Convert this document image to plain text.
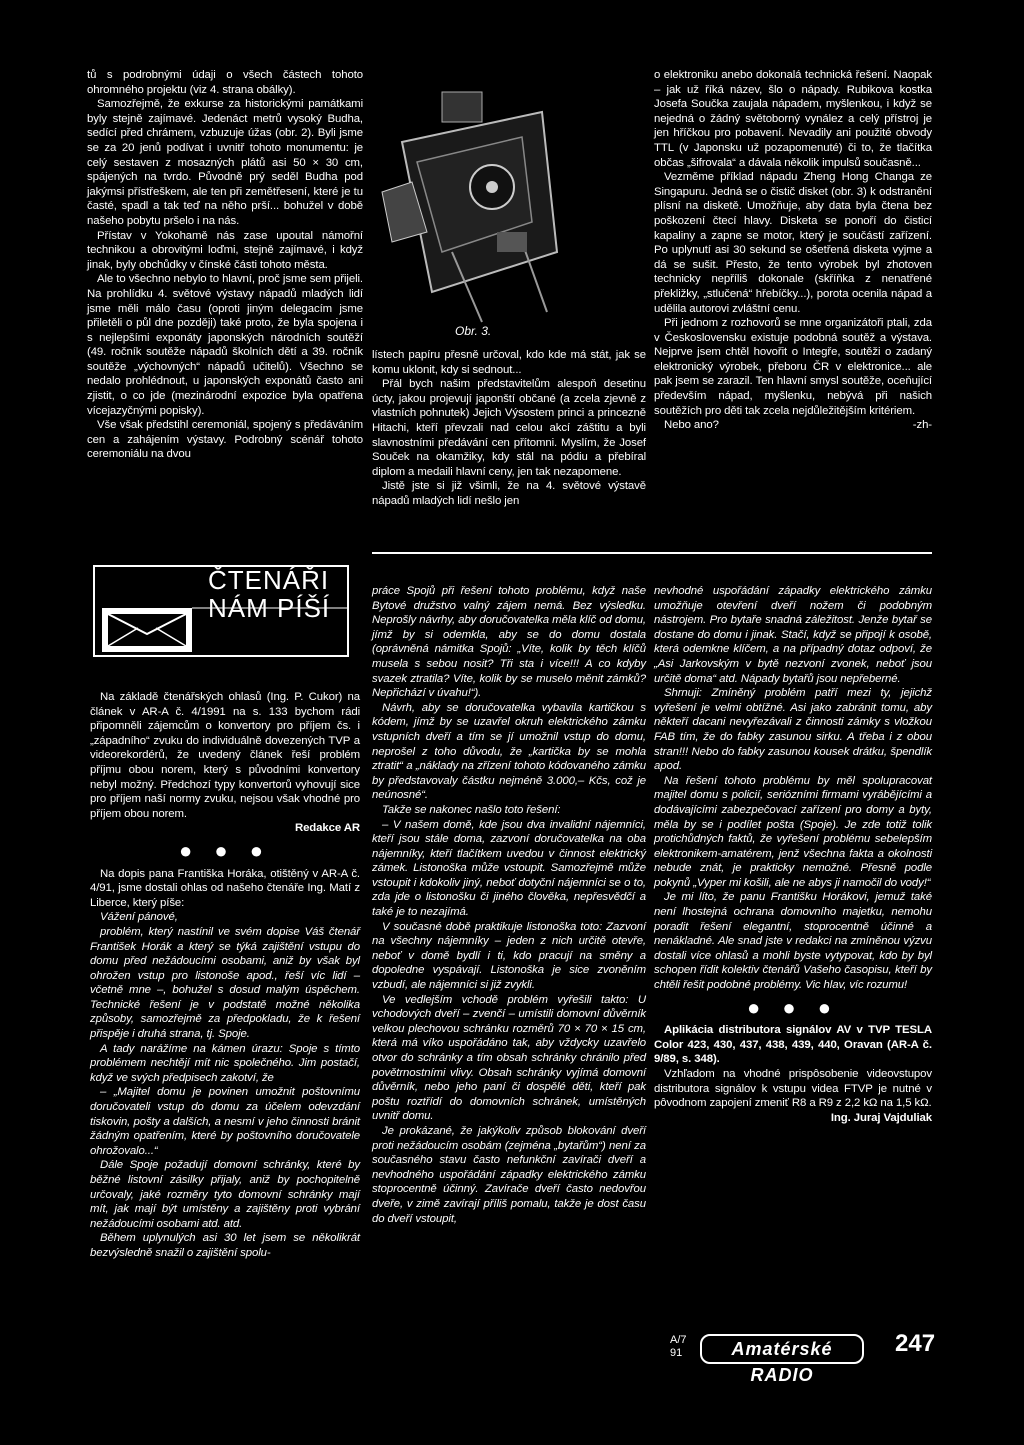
tů s podrobnými údaji o všech částech tohoto ohromného projektu (viz 4. strana obálky).

Samozřejmě, že exkurse za historickými památkami byly stejně zajímavé. Jedenáct metrů vysoký Budha, sedící před chrámem, vzbuzuje úžas (obr. 2). Byli jsme se za 20 jenů podívat i uvnitř tohoto monumentu: je celý sestaven z mosazných plátů asi 50 × 30 cm, spájených na tvrdo. Původně prý seděl Budha pod jakýmsi přístřeškem, ale ten při zemětřesení, které je tu časté, spadl a tak teď na něho prší... bohužel v době našeho pobytu pršelo i na nás.

Přístav v Yokohamě nás zase upoutal námořní technikou a obrovitými loďmi, stejně zajímavé, i když jinak, byly obchůdky v čínské části tohoto města.

Ale to všechno nebylo to hlavní, proč jsme sem přijeli. Na prohlídku 4. světové výstavy nápadů mladých lidí jsme měli málo času (oproti jiným delegacím jsme přiletěli o půl dne později) také proto, že byla spojena i s nejlepšími exponáty japonských národních soutěží (49. ročník soutěže nápadů školních dětí a 39. ročník soutěže „výchovných“ nápadů učitelů). Všechno se nedalo prohlédnout, u japonských exponátů často ani zjistit, o co jde (mezinárodní expozice byla opatřena vícejazyčnými popisky).

Vše však předstihl ceremoniál, spojený s předáváním cen a zahájením výstavy. Podrobný scénář tohoto ceremoniálu na dvou

Obr. 3.

lístech papíru přesně určoval, kdo kde má stát, jak se komu uklonit, kdy si sednout...

Přál bych našim představitelům alespoň desetinu úcty, jakou projevují japonští občané (a zcela zjevně z vlastních pohnutek) Jejich Výsostem princi a princezně Hitachi, kteří převzali nad celou akcí záštitu a byli slavnostními předávání cen přítomni. Myslím, že Josef Souček na okamžiky, kdy stál na pódiu a přebíral diplom a medaili hlavní ceny, jen tak nezapomene.

Jistě jste si již všimli, že na 4. světové výstavě nápadů mladých lidí nešlo jen

o elektroniku anebo dokonalá technická řešení. Naopak – jak už říká název, šlo o nápady. Rubikova kostka Josefa Součka zaujala nápadem, myšlenkou, i když se nejedná o žádný světoborný vynález a celý přístroj je jen hříčkou pro pobavení. Nevadily ani použité obvody TTL (v Japonsku už pozapomenuté) či to, že tlačítka občas „šifrovala“ a dávala několik impulsů současně...

Vezměme příklad nápadu Zheng Hong Changa ze Singapuru. Jedná se o čistič disket (obr. 3) k odstranění plísní na disketě. Umožňuje, aby data byla čtena bez poškození čtecí hlavy. Disketa se ponoří do čisticí kapaliny a zapne se motor, který je součástí zařízení. Po uplynutí asi 30 sekund se ošetřená disketa vyjme a dá se sušit. Přesto, že tento výrobek byl zhotoven technicky nepříliš dokonale (skříňka z nenatřené překližky, „stlučená“ hřebíčky...), porota ocenila nápad a udělila autorovi zvláštní cenu.

Při jednom z rozhovorů se mne organizátoři ptali, zda v Československu existuje podobná soutěž a výstava. Nejprve jsem chtěl hovořit o Integře, soutěži o zadaný elektronický výrobek, přeboru ČR v elektronice... ale pak jsem se zarazil. Ten hlavní smysl soutěže, oceňující především nápad, myšlenku, nebývá při našich soutěžích pro děti tak zcela nejdůležitějším kritériem.

Nebo ano?	-zh-

ČTENÁŘI
NÁM PÍŠÍ

Na základě čtenářských ohlasů (Ing. P. Cukor) na článek v AR-A č. 4/1991 na s. 133 bychom rádi připomněli zájemcům o konvertory pro příjem čs. i „západního“ zvuku do individuálně dovezených TVP a videorekordérů, že uvedený článek řeší problém příjmu obou norem, který s původními konvertory nebyl možný. Předchozí typy konvertorů vyhovují sice pro příjem naší normy zvuku, nejsou však vhodné pro příjem obou norem.

Redakce AR

● ● ●

Na dopis pana Františka Horáka, otištěný v AR-A č. 4/91, jsme dostali ohlas od našeho čtenáře Ing. Matí z Liberce, který píše:

Vážení pánové,

problém, který nastínil ve svém dopise Váš čtenář František Horák a který se týká zajištění vstupu do domu před nežádoucími osobami, aniž by však byl ohrožen vstup pro listonoše apod., řeší víc lidí – včetně mne –, bohužel s dosud malým úspěchem. Technické řešení je v podstatě možné několika způsoby, samozřejmě za předpokladu, že k řešení přispěje i druhá strana, tj. Spoje.

A tady narážíme na kámen úrazu: Spoje s tímto problémem nechtějí mít nic společného. Jim postačí, když ve svých předpisech zakotví, že

– „Majitel domu je povinen umožnit poštovnímu doručovateli vstup do domu za účelem odevzdání tiskovin, pošty a dalších, a nesmí v jeho činnosti bránit žádným opatřením, které by poštovního doručovatele ohrožovalo...“

Dále Spoje požadují domovní schránky, které by běžné listovní zásilky přijaly, aniž by pochopitelně určovaly, jaké rozměry tyto domovní schránky mají mít, jak mají být umístěny a zajištěny proti vybrání nežádoucími osobami atd. atd.

Během uplynulých asi 30 let jsem se několikrát bezvýsledně snažil o zajištění spolu-

práce Spojů při řešení tohoto problému, když naše Bytové družstvo valný zájem nemá. Bez výsledku. Neprošly návrhy, aby doručovatelka měla klíč od domu, jímž by si odemkla, aby se do domu dostala (oprávněná námitka Spojů: „Víte, kolik by těch klíčů musela s sebou nosit? Tři sta i více!!! A co kdyby svazek ztratila? Víte, kolik by se muselo měnit zámků? Nepřichází v úvahu!“).

Návrh, aby se doručovatelka vybavila kartičkou s kódem, jímž by se uzavřel okruh elektrického zámku vstupních dveří a tím se jí umožnil vstup do domu, neprošel z toho důvodu, že „kartička by se mohla ztratit“ a „náklady na zřízení tohoto kódovaného zámku by představovaly částku nejméně 3.000,– Kčs, což je neúnosné“.

Takže se nakonec našlo toto řešení:

– V našem domě, kde jsou dva invalidní nájemníci, kteří jsou stále doma, zazvoní doručovatelka na oba nájemníky, kteří tlačítkem uvedou v činnost elektrický zámek. Listonoška může vstoupit. Samozřejmě může vstoupit i kdokoliv jiný, neboť dotyční nájemníci se o to, zda jde o listonošku či jiného člověka, nepřesvědčí a také je to nezajímá.

V současné době praktikuje listonoška toto: Zazvoní na všechny nájemníky – jeden z nich určitě otevře, neboť v domě bydlí i ti, kdo pracují na směny a dopoledne vyspávají. Listonoška je sice zvoněním vzbudí, ale nájemníci si již zvykli.

Ve vedlejším vchodě problém vyřešili takto: U vchodových dveří – zvenčí – umístili domovní důvěrník velkou plechovou schránku rozměrů 70 × 70 × 15 cm, která má víko uspořádáno tak, aby vždycky uzavřelo otvor do schránky a tím obsah schránky chránilo před povětrnostními vlivy. Obsah schránky vyjímá domovní důvěrník, nebo jeho paní či dospělé děti, kteří pak poštu roztřídí do domovních schránek, umístěných uvnitř domu.

Je prokázané, že jakýkoliv způsob blokování dveří proti nežádoucím osobám (zejména „bytařům“) není za současného stavu často nefunkční zavírači dveří a nevhodného uspořádání západky elektrického zámku stoprocentně účinný. Zavírače dveří často nedovřou dveře, v zimě zavírají příliš pomalu, takže je dost času do dveří vstoupit,

nevhodné uspořádání západky elektrického zámku umožňuje otevření dveří nožem či podobným nástrojem. Pro bytaře snadná záležitost. Jenže bytař se dostane do domu i jinak. Stačí, když se připojí k osobě, která odemkne klíčem, a na případný dotaz odpoví, že „Asi Jarkovským v bytě nezvoní zvonek, neboť jsou určitě doma“ atd. Nápady bytařů jsou nepřeberné.

Shrnuji: Zmíněný problém patří mezi ty, jejichž vyřešení je velmi obtížné. Asi jako zabránit tomu, aby někteří dacani nevyřezávali z činnosti zámky s vložkou FAB tím, že do fabky zasunou sirku. A třeba i z obou stran!!! Nebo do fabky zasunou kousek drátku, špendlík apod.

Na řešení tohoto problému by měl spolupracovat majitel domu s policií, seriózními firmami vyrábějícími a dodávajícími zabezpečovací zařízení pro domy a byty, měla by se i podílet pošta (Spoje). Je zde totiž tolik protichůdných faktů, že vyřešení problému sebelepším elektronikem-amatérem, jenž všechna fakta a okolnosti nebude znát, je prakticky nemožné. Přesně podle pokynů „Vyper mi košili, ale ne abys ji namočil do vody!“

Je mi líto, že panu Františku Horákovi, jemuž také není lhostejná ochrana domovního majetku, nemohu poradit řešení elegantní, stoprocentně účinné a nenákladné. Ale snad jste v redakci na zmíněnou výzvu dostali více ohlasů a mohli byste vytypovat, kdo by byl schopen řídit kolektiv čtenářů Vašeho časopisu, kteří by chtěli řešit podobné problémy. Vic hlav, víc rozumu!

● ● ●

Aplikácia distributora signálov AV v TVP TESLA Color 423, 430, 437, 438, 439, 440, Oravan (AR-A č. 9/89, s. 348).

Vzhľadom na vhodné prispôsobenie videovstupov distributora signálov k vstupu videa FTVP je nutné v pôvodnom zapojení zmeniť R8 a R9 z 2,2 kΩ na 1,5 kΩ.

Ing. Juraj Vajduliak

A/7
91	Amatérské RADIO
247
